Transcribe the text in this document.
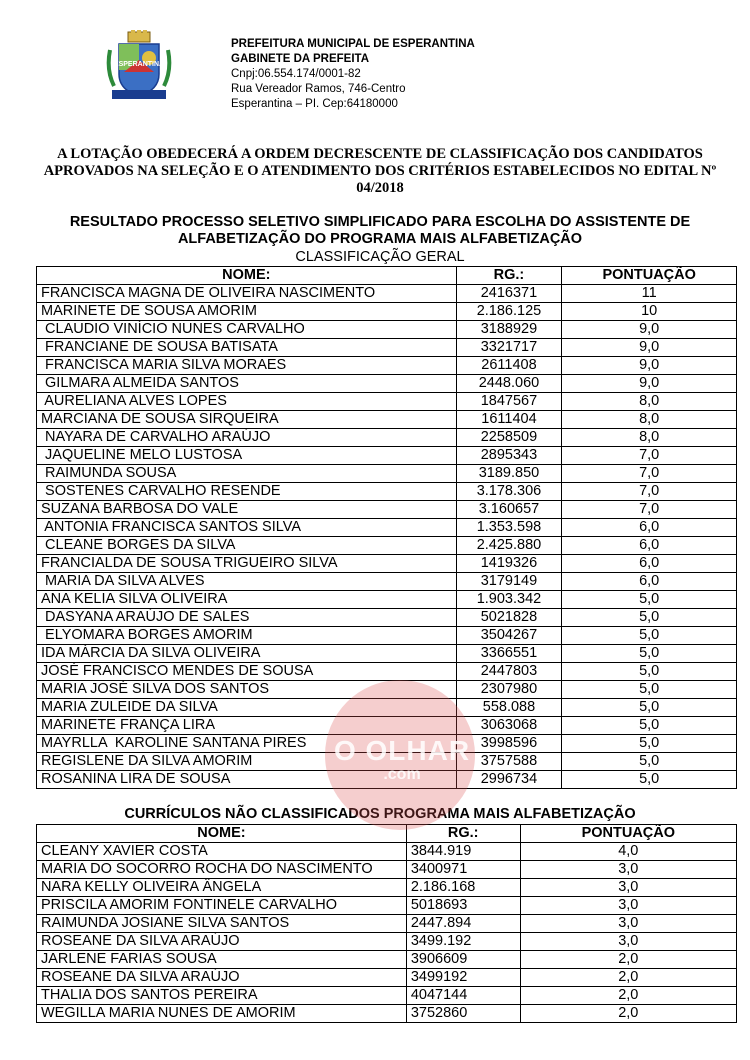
ESPERANTINA
PREFEITURA MUNICIPAL DE ESPERANTINA
GABINETE DA PREFEITA
Cnpj:06.554.174/0001-82
Rua Vereador Ramos, 746-Centro
Esperantina – PI. Cep:64180000
A LOTAÇÃO OBEDECERÁ A ORDEM DECRESCENTE DE CLASSIFICAÇÃO DOS CANDIDATOS APROVADOS NA SELEÇÃO E O ATENDIMENTO DOS CRITÉRIOS ESTABELECIDOS NO EDITAL Nº 04/2018
RESULTADO PROCESSO SELETIVO SIMPLIFICADO PARA ESCOLHA DO ASSISTENTE DE ALFABETIZAÇÃO DO PROGRAMA MAIS ALFABETIZAÇÃO
CLASSIFICAÇÃO GERAL
NOME:	RG.:	PONTUAÇÃO
FRANCISCA MAGNA DE OLIVEIRA NASCIMENTO	2416371	11
MARINETE DE SOUSA AMORIM	2.186.125	10
CLAUDIO VINÍCIO NUNES CARVALHO	3188929	9,0
FRANCIANE DE SOUSA BATISATA	3321717	9,0
FRANCISCA MARIA SILVA MORAES	2611408	9,0
GILMARA ALMEIDA SANTOS	2448.060	9,0
AURELIANA ALVES LOPES	1847567	8,0
MARCIANA DE SOUSA SIRQUEIRA	1611404	8,0
NAYARA DE CARVALHO ARAÚJO	2258509	8,0
JAQUELINE MELO LUSTOSA	2895343	7,0
RAIMUNDA SOUSA	3189.850	7,0
SOSTENES CARVALHO RESENDE	3.178.306	7,0
SUZANA BARBOSA DO VALE	3.160657	7,0
ANTONIA FRANCISCA SANTOS SILVA	1.353.598	6,0
CLEANE BORGES DA SILVA	2.425.880	6,0
FRANCIALDA DE SOUSA TRIGUEIRO SILVA	1419326	6,0
MARIA DA SILVA ALVES	3179149	6,0
ANA KELIA SILVA OLIVEIRA	1.903.342	5,0
DASYANA ARAÚJO DE SALES	5021828	5,0
ELYOMARA BORGES AMORIM	3504267	5,0
IDA MÁRCIA DA SILVA OLIVEIRA	3366551	5,0
JOSÉ FRANCISCO MENDES DE SOUSA	2447803	5,0
MARIA JOSÉ SILVA DOS SANTOS	2307980	5,0
MARIA ZULEIDE DA SILVA	558.088	5,0
MARINETE FRANÇA LIRA	3063068	5,0
MAYRLLA  KAROLINE SANTANA PIRES	3998596	5,0
REGISLENE DA SILVA AMORIM	3757588	5,0
ROSANINA LIRA DE SOUSA	2996734	5,0
CURRÍCULOS NÃO CLASSIFICADOS PROGRAMA MAIS ALFABETIZAÇÃO
NOME:	RG.:	PONTUAÇÃO
CLEANY XAVIER COSTA	3844.919	4,0
MARIA DO SOCORRO ROCHA DO NASCIMENTO	3400971	3,0
NARA KELLY OLIVEIRA ÂNGELA	2.186.168	3,0
PRISCILA AMORIM FONTINELE CARVALHO	5018693	3,0
RAIMUNDA JOSIANE SILVA SANTOS	2447.894	3,0
ROSEANE DA SILVA ARAÚJO	3499.192	3,0
JARLENE FARIAS SOUSA	3906609	2,0
ROSEANE DA SILVA ARAÚJO	3499192	2,0
THALIA DOS SANTOS PEREIRA	4047144	2,0
WEGILLA MARIA NUNES DE AMORIM	3752860	2,0
O OLHAR
.com
